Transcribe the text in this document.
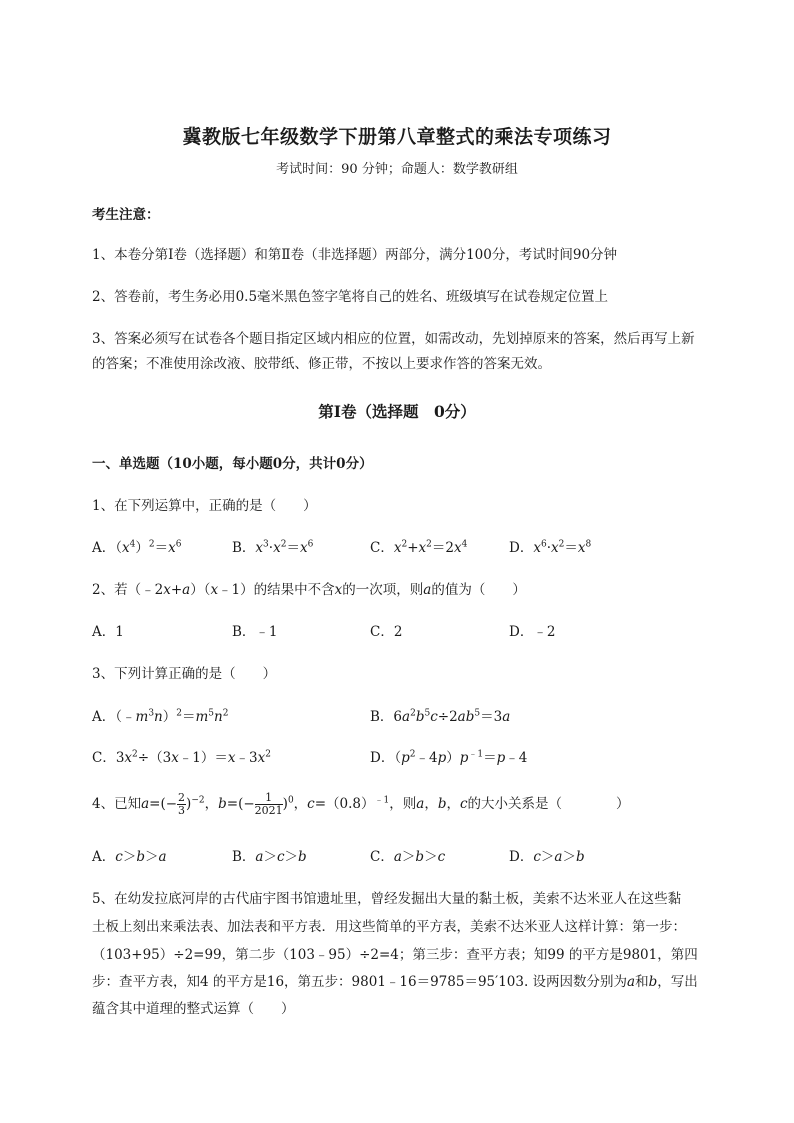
冀教版七年级数学下册第八章整式的乘法专项练习
考试时间：90 分钟；命题人：数学教研组
考生注意：
1、本卷分第Ⅰ卷（选择题）和第Ⅱ卷（非选择题）两部分，满分100分，考试时间90分钟
2、答卷前，考生务必用0.5毫米黑色签字笔将自己的姓名、班级填写在试卷规定位置上
3、答案必须写在试卷各个题目指定区域内相应的位置，如需改动，先划掉原来的答案，然后再写上新
的答案；不准使用涂改液、胶带纸、修正带，不按以上要求作答的答案无效。
第Ⅰ卷（选择题　0分）
一、单选题（10小题，每小题0分，共计0分）
1、在下列运算中，正确的是（　　）
A．$(x^4)^2=x^6$	B．$x^3\cdot x^2=x^6$	C．$x^2+x^2=2x^4$	D．$x^6\cdot x^2=x^8$
2、若（﹣2x+a）（x﹣1）的结果中不含x的一次项，则a的值为（　　）
A．1	B．﹣1	C．2	D．﹣2
3、下列计算正确的是（　　）
A．$(﹣m^3n)^2=m^5n^2$	B．$6a^2b^5c\div 2ab^5=3a$
C．$3x^2\div(3x﹣1)=x﹣3x^2$	D．$(p^2﹣4p)p^{﹣1}=p﹣4$
4、已知$a=(- \frac{2}{3} )^{-2}$，$b=(- \frac{1}{2021} )^0$，$c=(0.8)^{﹣1}$，则a，b，c的大小关系是（　　　　）
A．c＞b＞a	B．a＞c＞b	C．a＞b＞c	D．c＞a＞b
5、在幼发拉底河岸的古代庙宇图书馆遗址里，曾经发掘出大量的黏土板，美索不达米亚人在这些黏
土板上刻出来乘法表、加法表和平方表．用这些简单的平方表，美索不达米亚人这样计算：第一步：
（103+95）÷2=99，第二步（103﹣95）÷2=4；第三步：查平方表；知99 的平方是9801，第四
步：查平方表，知4 的平方是16，第五步：9801﹣16＝9785＝95′103. 设两因数分别为a和b，写出
蕴含其中道理的整式运算（　　）
